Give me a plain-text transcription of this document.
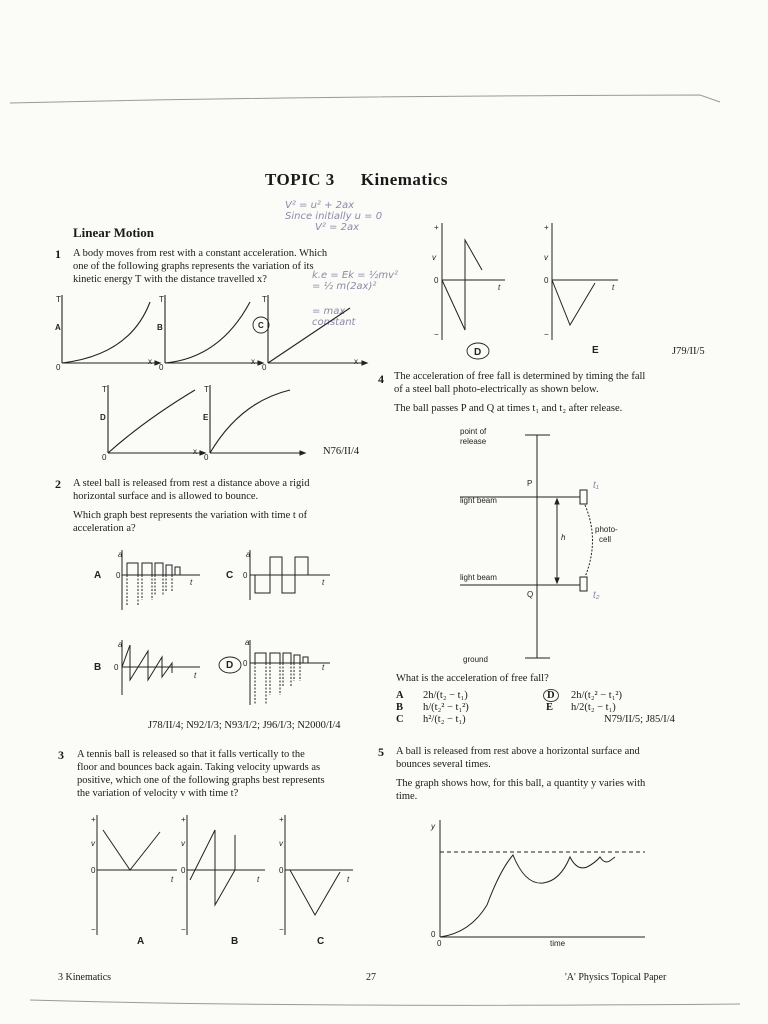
TOPIC 3 Kinematics
Linear Motion
V² = u² + 2ax
Since initially u = 0
V² = 2ax
k.e = Ek = ½mv²
= ½ m(2ax)²
= max
constant
1 A body moves from rest with a constant acceleration. Which
one of the following graphs represents the variation of its
kinetic energy T with the distance travelled x?
T	T	T
T	T
A	B	C
D	E
0	0	0
0	0
x	x	x
x	N76/II/4
2 A steel ball is released from rest a distance above a rigid
horizontal surface and is allowed to bounce.
Which graph best represents the variation with time t of
acceleration a?
A
a
0
t
C
a
0
t
B
a
0
t
D
a
0	t
J78/II/4; N92/I/3; N93/I/2; J96/I/3; N2000/I/4
3 A tennis ball is released so that it falls vertically to the
floor and bounces back again. Taking velocity upwards as
positive, which one of the following graphs best represents
the variation of velocity v with time t?
+
v
0
−
t
+
v
0
−
t
+
v
0
−
t
A	B	C
+
v
0
−
t
+
v
0
−
t
D	E	J79/II/5
4 The acceleration of free fall is determined by timing the fall
of a steel ball photo-electrically as shown below.
The ball passes P and Q at times t₁ and t₂ after release.
point of
release
light beam
light beam
P
Q
h
photo-
cell
ground
t₁
t₂
What is the acceleration of free fall?
A 2h/(t₂ − t₁)	D	2h/(t₂² − t₁²)
B h/(t₂² − t₁²)	E h/2(t₂ − t₁)
C h²/(t₂ − t₁)	N79/II/5; J85/I/4
5 A ball is released from rest above a horizontal surface and
bounces several times.
The graph shows how, for this ball, a quantity y varies with
time.
y
0
0	time
3 Kinematics	27	'A' Physics Topical Paper
